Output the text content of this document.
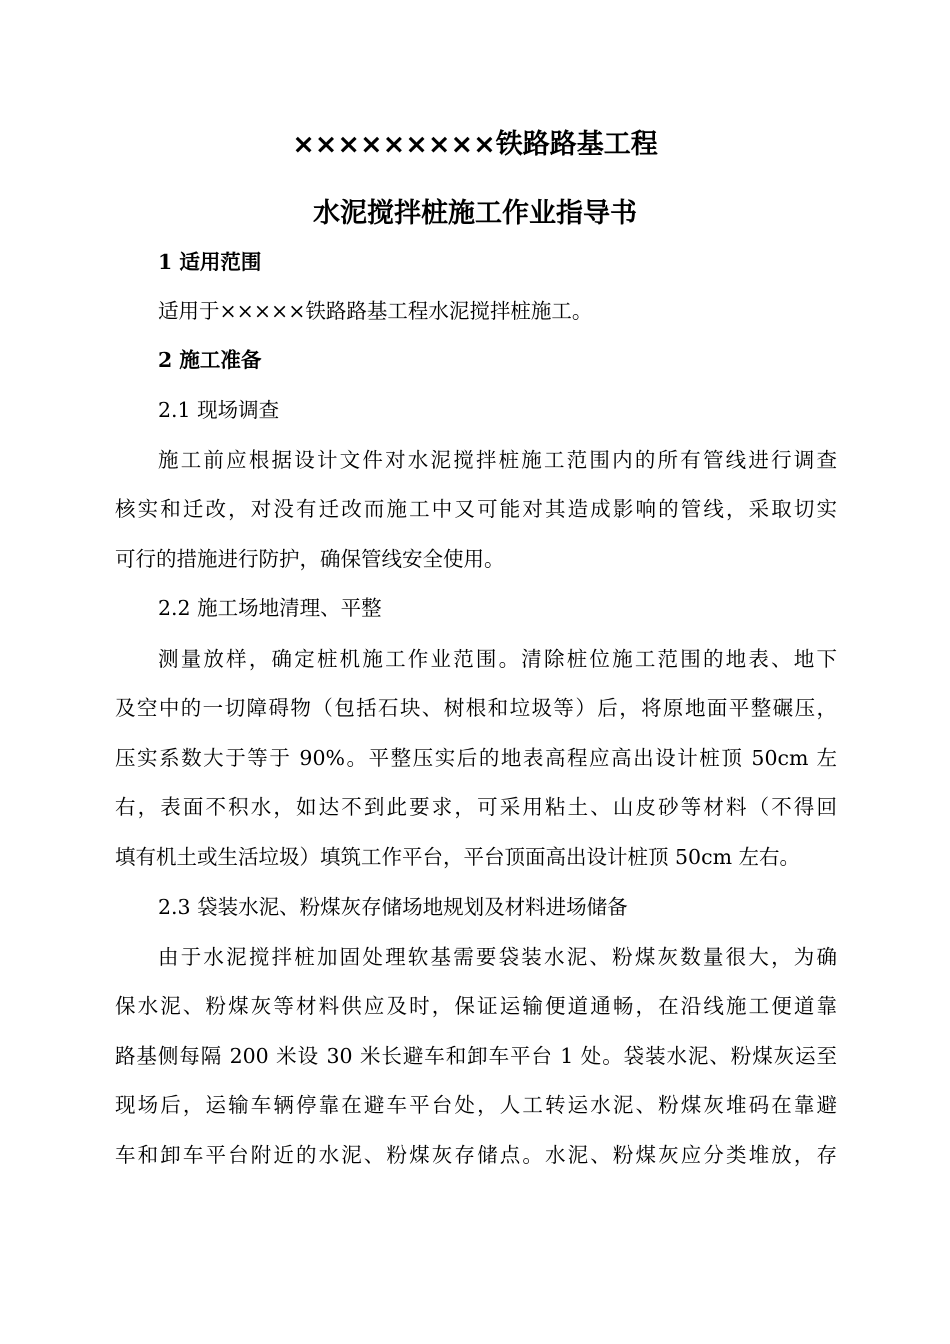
×××××××××铁路路基工程
水泥搅拌桩施工作业指导书

1 适用范围

适用于×××××铁路路基工程水泥搅拌桩施工。

2 施工准备

2.1 现场调查

施工前应根据设计文件对水泥搅拌桩施工范围内的所有管线进行调查

核实和迁改，对没有迁改而施工中又可能对其造成影响的管线，采取切实

可行的措施进行防护，确保管线安全使用。

2.2 施工场地清理、平整

测量放样，确定桩机施工作业范围。清除桩位施工范围的地表、地下

及空中的一切障碍物（包括石块、树根和垃圾等）后，将原地面平整碾压，

压实系数大于等于 90%。平整压实后的地表高程应高出设计桩顶 50cm 左

右，表面不积水，如达不到此要求，可采用粘土、山皮砂等材料（不得回

填有机土或生活垃圾）填筑工作平台，平台顶面高出设计桩顶 50cm 左右。

2.3 袋装水泥、粉煤灰存储场地规划及材料进场储备

由于水泥搅拌桩加固处理软基需要袋装水泥、粉煤灰数量很大，为确

保水泥、粉煤灰等材料供应及时，保证运输便道通畅，在沿线施工便道靠

路基侧每隔 200 米设 30 米长避车和卸车平台 1 处。袋装水泥、粉煤灰运至

现场后，运输车辆停靠在避车平台处，人工转运水泥、粉煤灰堆码在靠避

车和卸车平台附近的水泥、粉煤灰存储点。水泥、粉煤灰应分类堆放，存
